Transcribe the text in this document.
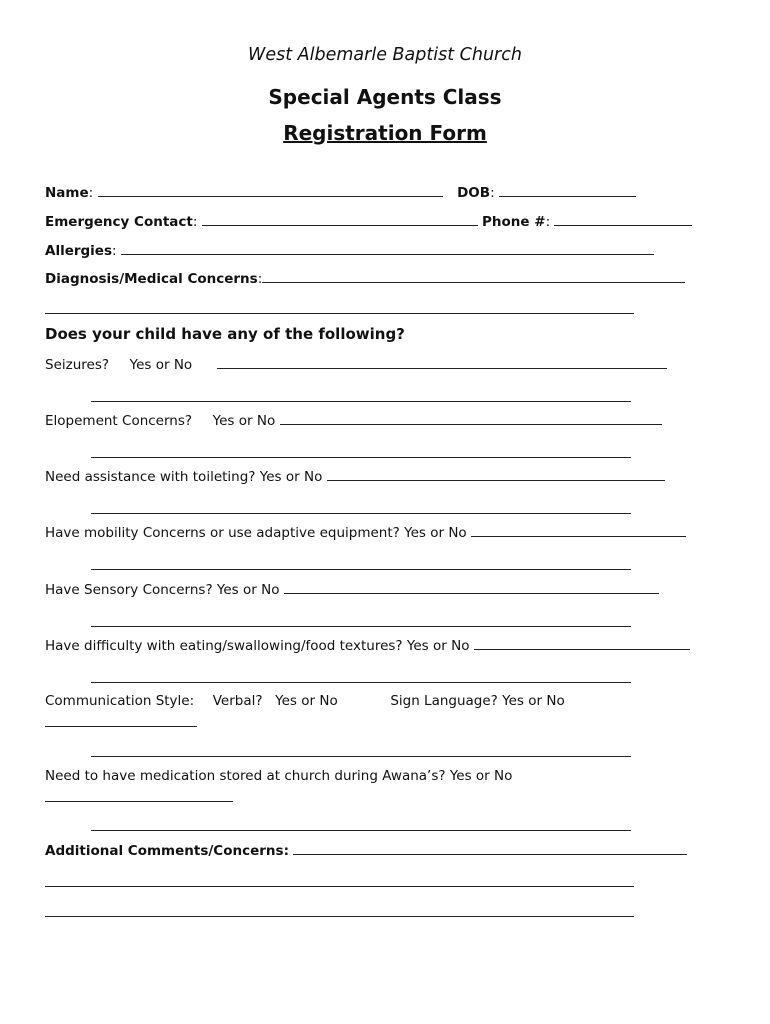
West Albemarle Baptist Church
Special Agents Class
Registration Form
Name:	DOB:
Emergency Contact:	Phone #:
Allergies:
Diagnosis/Medical Concerns:
Does your child have any of the following?
Seizures? Yes or No
Elopement Concerns? Yes or No
Need assistance with toileting? Yes or No
Have mobility Concerns or use adaptive equipment? Yes or No
Have Sensory Concerns? Yes or No
Have difficulty with eating/swallowing/food textures? Yes or No
Communication Style: Verbal? Yes or No	Sign Language? Yes or No
Need to have medication stored at church during Awana’s? Yes or No
Additional Comments/Concerns:
